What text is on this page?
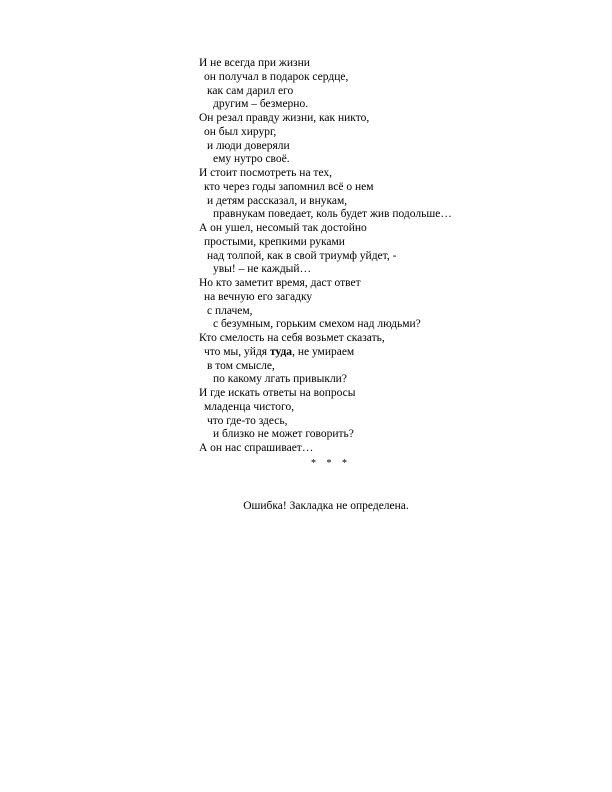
И не всегда при жизни
он получал в подарок сердце,
как сам дарил его
другим – безмерно.
Он резал правду жизни, как никто,
он был хирург,
и люди доверяли
ему нутро своё.
И стоит посмотреть на тех,
кто через годы запомнил всё о нем
и детям рассказал, и внукам,
правнукам поведает, коль будет жив подольше…
А он ушел, несомый так достойно
простыми, крепкими руками
над толпой, как в свой триумф уйдет, -
увы! – не каждый…
Но кто заметит время, даст ответ
на вечную его загадку
с плачем,
с безумным, горьким смехом над людьми?
Кто смелость на себя возьмет сказать,
что мы, уйдя туда, не умираем
в том смысле,
по какому лгать привыкли?
И где искать ответы на вопросы
младенца чистого,
что где-то здесь,
и близко не может говорить?
А он нас спрашивает…
* * *
Ошибка! Закладка не определена.
